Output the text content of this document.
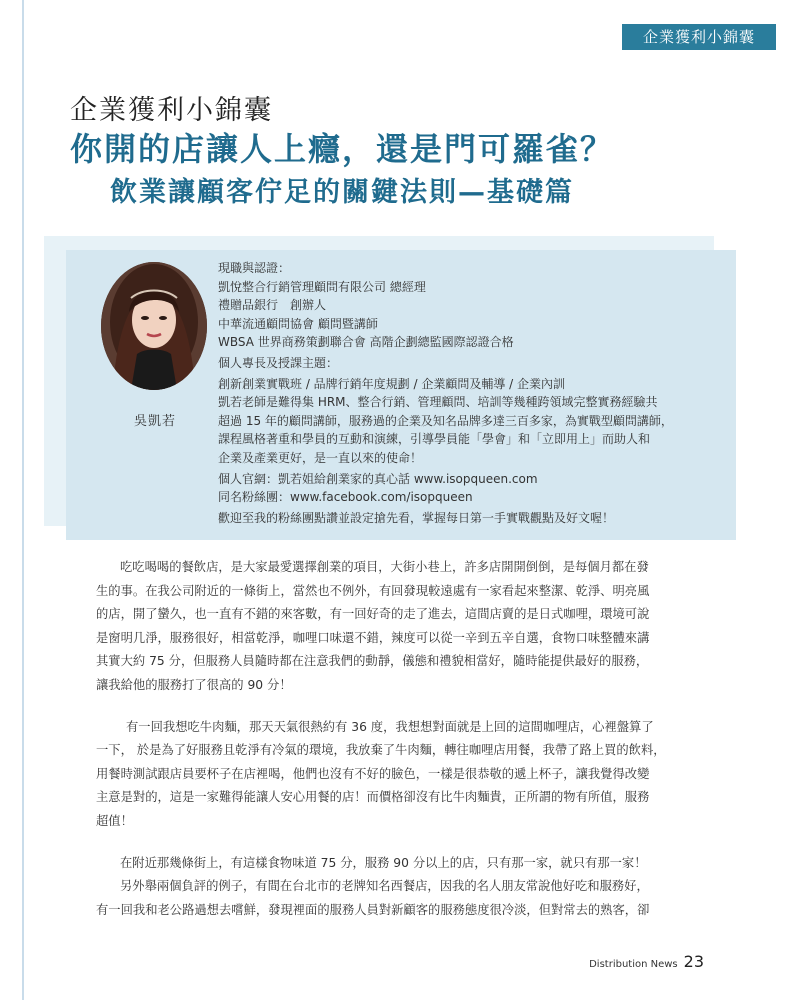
企業獲利小錦囊
企業獲利小錦囊
你開的店讓人上癮，還是門可羅雀？
飲業讓顧客佇足的關鍵法則—基礎篇
吳凱若
現職與認證：
凱悅整合行銷管理顧問有限公司 總經理
禮贈品銀行　創辦人
中華流通顧問協會 顧問暨講師
WBSA 世界商務策劃聯合會 高階企劃總監國際認證合格
個人專長及授課主題：
創新創業實戰班 / 品牌行銷年度規劃 / 企業顧問及輔導 / 企業內訓
凱若老師是難得集 HRM、整合行銷、管理顧問、培訓等幾種跨領域完整實務經驗共
超過 15 年的顧問講師，服務過的企業及知名品牌多達三百多家，為實戰型顧問講師，
課程風格著重和學員的互動和演練，引導學員能「學會」和「立即用上」而助人和
企業及產業更好，是一直以來的使命！
個人官網：凱若姐給創業家的真心話 www.isopqueen.com
同名粉絲團：www.facebook.com/isopqueen
歡迎至我的粉絲團點讚並設定搶先看，掌握每日第一手實戰觀點及好文喔！
吃吃喝喝的餐飲店，是大家最愛選擇創業的項目，大街小巷上，許多店開開倒倒，是每個月都在發
生的事。在我公司附近的一條街上，當然也不例外，有回發現較遠處有一家看起來整潔、乾淨、明亮風
的店，開了蠻久，也一直有不錯的來客數，有一回好奇的走了進去，這間店賣的是日式咖哩，環境可說
是窗明几淨，服務很好，相當乾淨，咖哩口味還不錯，辣度可以從一辛到五辛自選，食物口味整體來講
其實大約 75 分，但服務人員隨時都在注意我們的動靜，儀態和禮貌相當好，隨時能提供最好的服務，
讓我給他的服務打了很高的 90 分！
有一回我想吃牛肉麵，那天天氣很熱約有 36 度，我想想對面就是上回的這間咖哩店，心裡盤算了
一下， 於是為了好服務且乾淨有冷氣的環境，我放棄了牛肉麵，轉往咖哩店用餐，我帶了路上買的飲料，
用餐時測試跟店員要杯子在店裡喝，他們也沒有不好的臉色，一樣是很恭敬的遞上杯子，讓我覺得改變
主意是對的，這是一家難得能讓人安心用餐的店！而價格卻沒有比牛肉麵貴，正所謂的物有所值，服務
超值！
在附近那幾條街上，有這樣食物味道 75 分，服務 90 分以上的店，只有那一家，就只有那一家！
另外舉兩個負評的例子，有間在台北市的老牌知名西餐店，因我的名人朋友常說他好吃和服務好，
有一回我和老公路過想去嚐鮮，發現裡面的服務人員對新顧客的服務態度很冷淡，但對常去的熟客，卻
Distribution News 23
